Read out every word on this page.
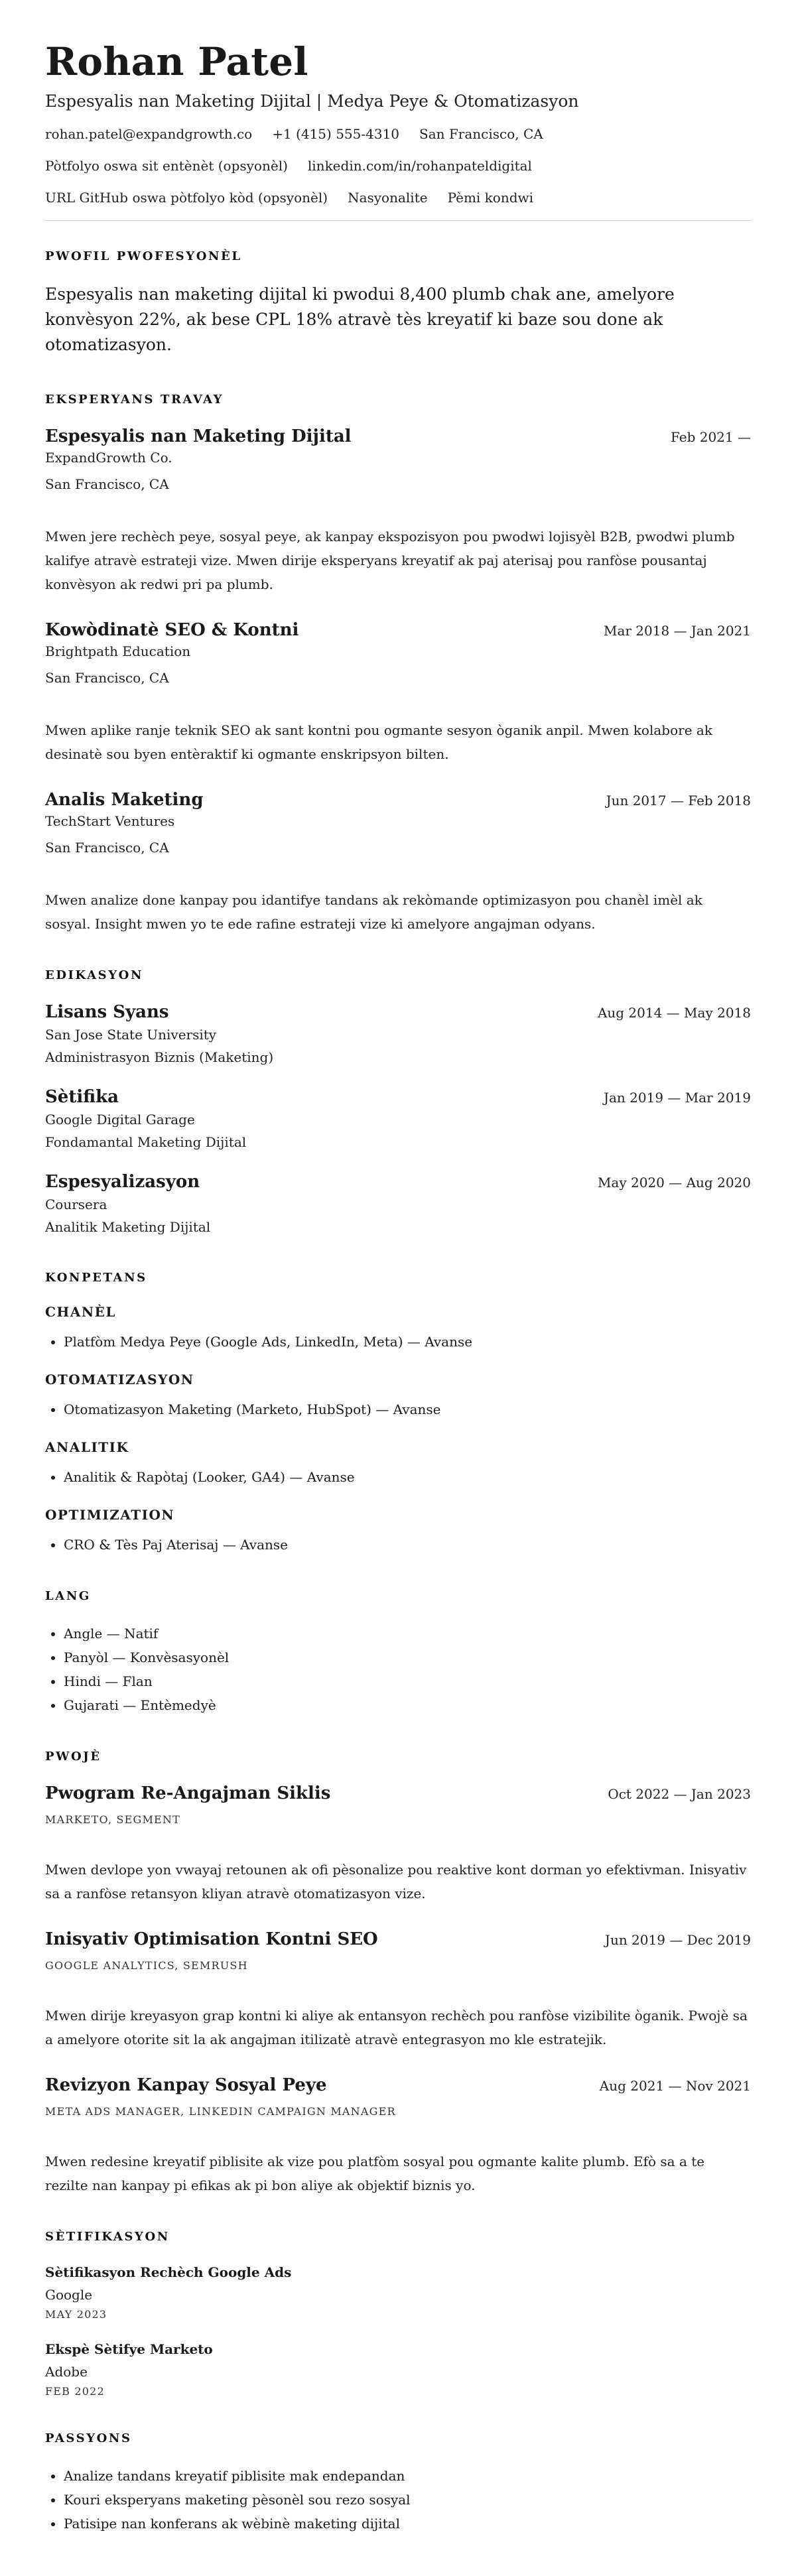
Rohan Patel
Espesyalis nan Maketing Dijital | Medya Peye & Otomatizasyon
rohan.patel@expandgrowth.co +1 (415) 555-4310 San Francisco, CA
Pòtfolyo oswa sit entènèt (opsyonèl) linkedin.com/in/rohanpateldigital
URL GitHub oswa pòtfolyo kòd (opsyonèl) Nasyonalite Pèmi kondwi
PWOFIL PWOFESYONÈL
Espesyalis nan maketing dijital ki pwodui 8,400 plumb chak ane, amelyore konvèsyon 22%, ak bese CPL 18% atravè tès kreyatif ki baze sou done ak otomatizasyon.
EKSPERYANS TRAVAY
Espesyalis nan Maketing Dijital	Feb 2021 —
ExpandGrowth Co.
San Francisco, CA
Mwen jere rechèch peye, sosyal peye, ak kanpay ekspozisyon pou pwodwi lojisyèl B2B, pwodwi plumb kalifye atravè estrateji vize. Mwen dirije eksperyans kreyatif ak paj aterisaj pou ranfòse pousantaj konvèsyon ak redwi pri pa plumb.
Kowòdinatè SEO & Kontni	Mar 2018 — Jan 2021
Brightpath Education
San Francisco, CA
Mwen aplike ranje teknik SEO ak sant kontni pou ogmante sesyon òganik anpil. Mwen kolabore ak desinatè sou byen entèraktif ki ogmante enskripsyon bilten.
Analis Maketing	Jun 2017 — Feb 2018
TechStart Ventures
San Francisco, CA
Mwen analize done kanpay pou idantifye tandans ak rekòmande optimizasyon pou chanèl imèl ak sosyal. Insight mwen yo te ede rafine estrateji vize ki amelyore angajman odyans.
EDIKASYON
Lisans Syans	Aug 2014 — May 2018
San Jose State University
Administrasyon Biznis (Maketing)
Sètifika	Jan 2019 — Mar 2019
Google Digital Garage
Fondamantal Maketing Dijital
Espesyalizasyon	May 2020 — Aug 2020
Coursera
Analitik Maketing Dijital
KONPETANS
CHANÈL
• Platfòm Medya Peye (Google Ads, LinkedIn, Meta) — Avanse
OTOMATIZASYON
• Otomatizasyon Maketing (Marketo, HubSpot) — Avanse
ANALITIK
• Analitik & Rapòtaj (Looker, GA4) — Avanse
OPTIMIZATION
• CRO & Tès Paj Aterisaj — Avanse
LANG
• Angle — Natif
• Panyòl — Konvèsasyonèl
• Hindi — Flan
• Gujarati — Entèmedyè
PWOJÈ
Pwogram Re-Angajman Siklis	Oct 2022 — Jan 2023
MARKETO, SEGMENT
Mwen devlope yon vwayaj retounen ak ofi pèsonalize pou reaktive kont dorman yo efektivman. Inisyativ sa a ranfòse retansyon kliyan atravè otomatizasyon vize.
Inisyativ Optimisation Kontni SEO	Jun 2019 — Dec 2019
GOOGLE ANALYTICS, SEMRUSH
Mwen dirije kreyasyon grap kontni ki aliye ak entansyon rechèch pou ranfòse vizibilite òganik. Pwojè sa a amelyore otorite sit la ak angajman itilizatè atravè entegrasyon mo kle estratejik.
Revizyon Kanpay Sosyal Peye	Aug 2021 — Nov 2021
META ADS MANAGER, LINKEDIN CAMPAIGN MANAGER
Mwen redesine kreyatif piblisite ak vize pou platfòm sosyal pou ogmante kalite plumb. Efò sa a te rezilte nan kanpay pi efikas ak pi bon aliye ak objektif biznis yo.
SÈTIFIKASYON
Sètifikasyon Rechèch Google Ads
Google
MAY 2023
Ekspè Sètifye Marketo
Adobe
FEB 2022
PASSYONS
• Analize tandans kreyatif piblisite mak endepandan
• Kouri eksperyans maketing pèsonèl sou rezo sosyal
• Patisipe nan konferans ak wèbinè maketing dijital
